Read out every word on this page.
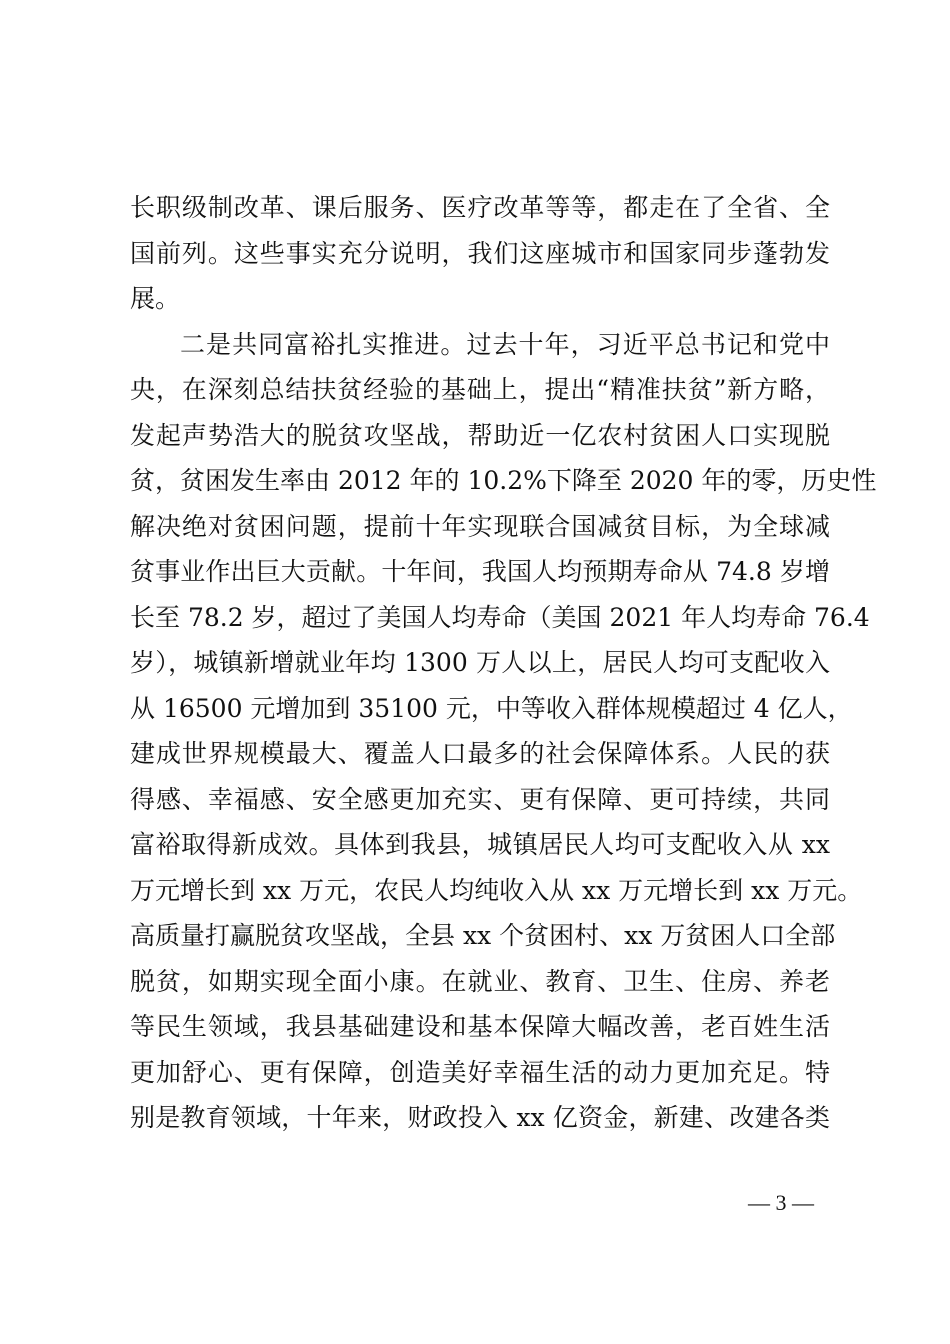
长职级制改革、课后服务、医疗改革等等，都走在了全省、全
国前列。这些事实充分说明，我们这座城市和国家同步蓬勃发
展。
二是共同富裕扎实推进。过去十年，习近平总书记和党中
央，在深刻总结扶贫经验的基础上，提出“精准扶贫”新方略，
发起声势浩大的脱贫攻坚战，帮助近一亿农村贫困人口实现脱
贫，贫困发生率由 2012 年的 10.2%下降至 2020 年的零，历史性
解决绝对贫困问题，提前十年实现联合国减贫目标，为全球减
贫事业作出巨大贡献。十年间，我国人均预期寿命从 74.8 岁增
长至 78.2 岁，超过了美国人均寿命（美国 2021 年人均寿命 76.4
岁），城镇新增就业年均 1300 万人以上，居民人均可支配收入
从 16500 元增加到 35100 元，中等收入群体规模超过 4 亿人，
建成世界规模最大、覆盖人口最多的社会保障体系。人民的获
得感、幸福感、安全感更加充实、更有保障、更可持续，共同
富裕取得新成效。具体到我县，城镇居民人均可支配收入从 xx
万元增长到 xx 万元，农民人均纯收入从 xx 万元增长到 xx 万元。
高质量打赢脱贫攻坚战，全县 xx 个贫困村、xx 万贫困人口全部
脱贫，如期实现全面小康。在就业、教育、卫生、住房、养老
等民生领域，我县基础建设和基本保障大幅改善，老百姓生活
更加舒心、更有保障，创造美好幸福生活的动力更加充足。特
别是教育领域，十年来，财政投入 xx 亿资金，新建、改建各类
— 3 —
